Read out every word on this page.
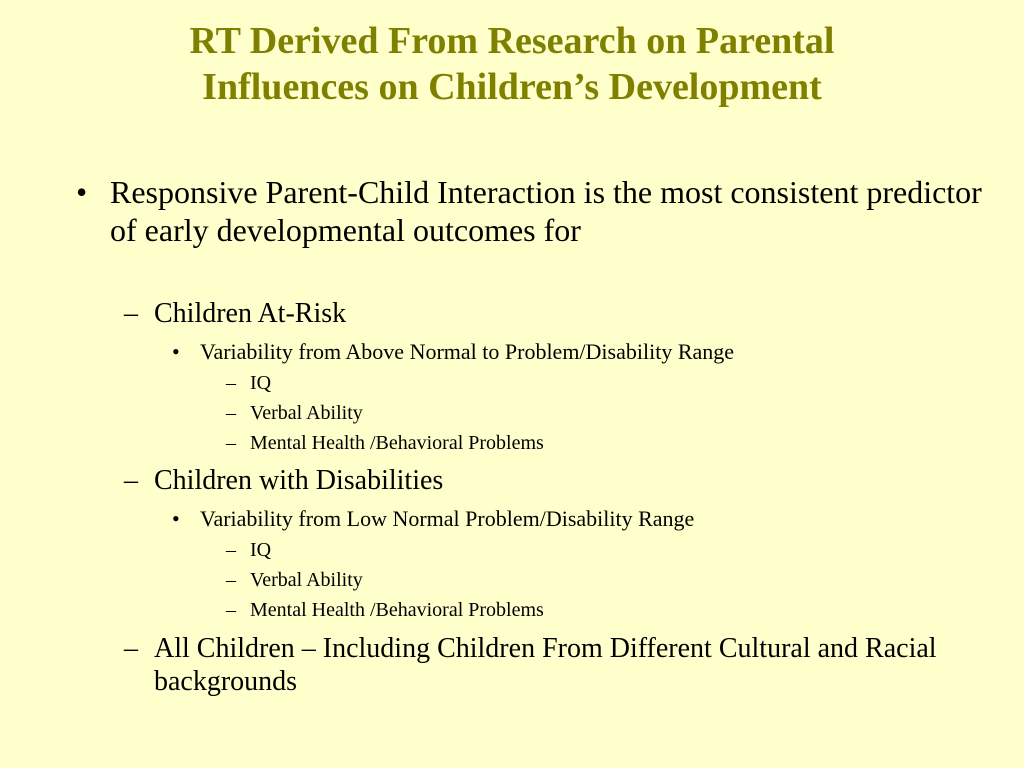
RT Derived From Research on Parental
Influences on Children’s Development
• Responsive Parent-Child Interaction is the most consistent predictor of early developmental outcomes for
– Children At-Risk
• Variability from Above Normal to Problem/Disability Range
– IQ
– Verbal Ability
– Mental Health /Behavioral Problems
– Children with Disabilities
• Variability from Low Normal Problem/Disability Range
– IQ
– Verbal Ability
– Mental Health /Behavioral Problems
– All Children – Including Children From Different Cultural and Racial backgrounds
